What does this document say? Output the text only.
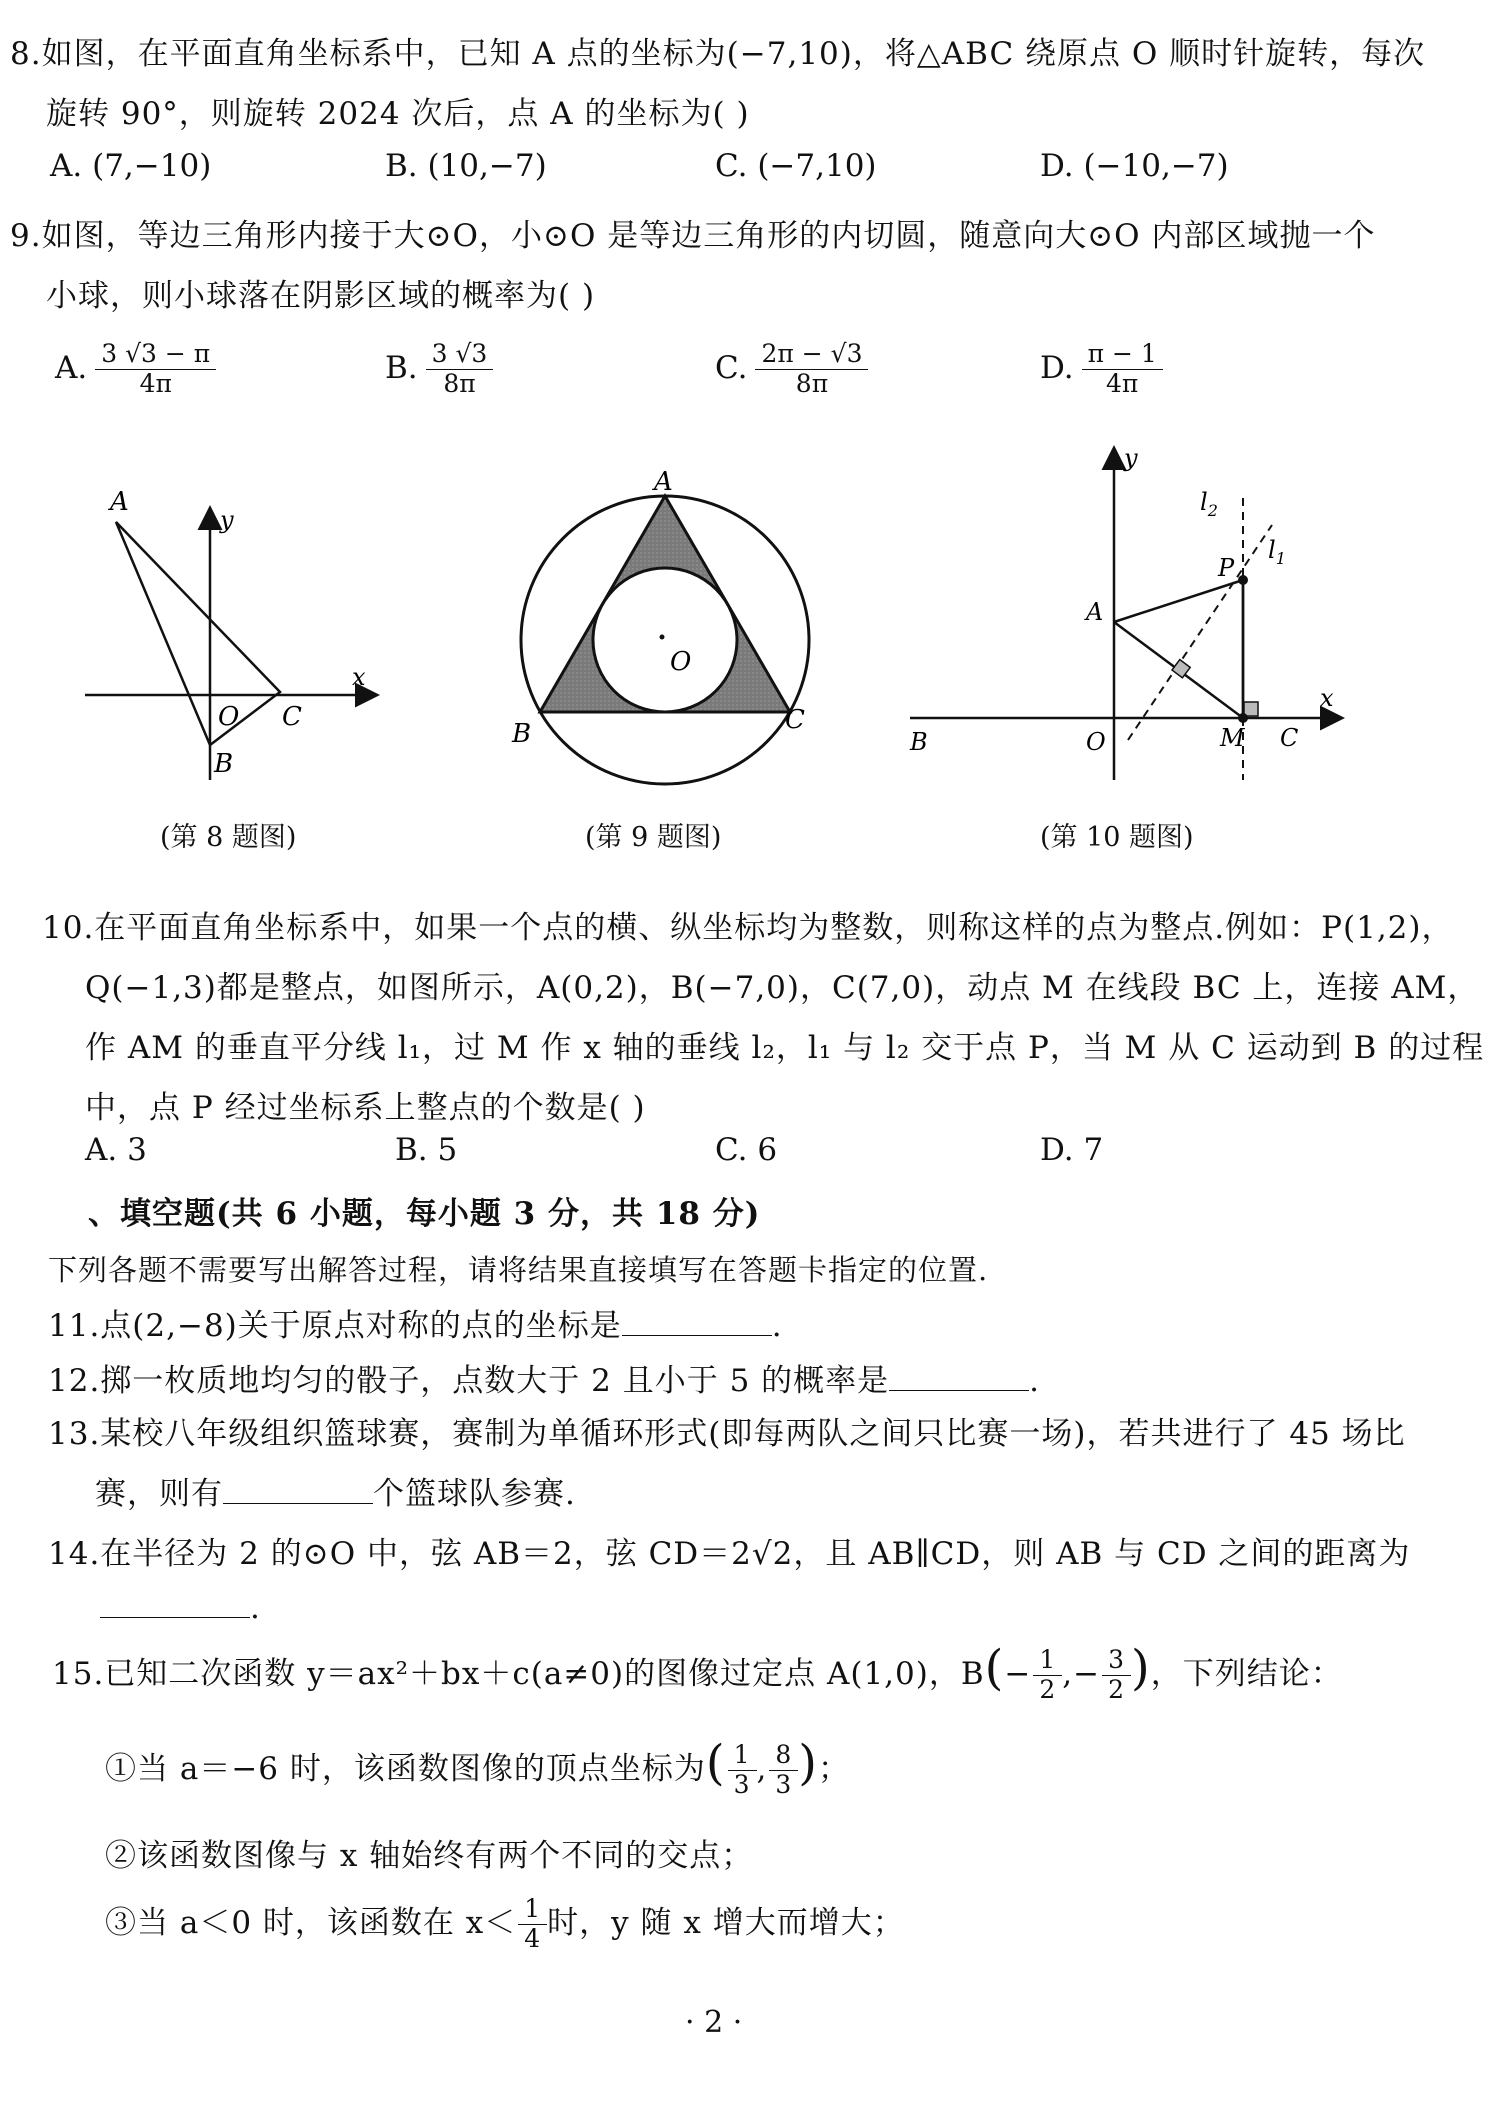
8.如图，在平面直角坐标系中，已知 A 点的坐标为(−7,10)，将△ABC 绕原点 O 顺时针旋转，每次
旋转 90°，则旋转 2024 次后，点 A 的坐标为( )
A. (7,−10)	B. (10,−7)	C. (−7,10)	D. (−10,−7)
9.如图，等边三角形内接于大⊙O，小⊙O 是等边三角形的内切圆，随意向大⊙O 内部区域抛一个
小球，则小球落在阴影区域的概率为( )
A. $\frac{3 √3 - \pi}{4\pi}$	B. $\frac{3 √3}{8\pi}$	C. $\frac{2\pi - √3}{8\pi}$	D. $\frac{\pi - 1}{4\pi}$
A
y
x
O C
B
O
A
B	C
y
$l_2$
$l_1$
P
A
x
B	O	M C
(第 8 题图)	(第 9 题图)	(第 10 题图)
10.在平面直角坐标系中，如果一个点的横、纵坐标均为整数，则称这样的点为整点.例如：P(1,2)，
Q(−1,3)都是整点，如图所示，A(0,2)，B(−7,0)，C(7,0)，动点 M 在线段 BC 上，连接 AM，
作 AM 的垂直平分线 l₁，过 M 作 x 轴的垂线 l₂，l₁ 与 l₂ 交于点 P，当 M 从 C 运动到 B 的过程
中，点 P 经过坐标系上整点的个数是( )
A. 3	B. 5	C. 6	D. 7
、填空题(共 6 小题，每小题 3 分，共 18 分)
下列各题不需要写出解答过程，请将结果直接填写在答题卡指定的位置.
11.点(2,−8)关于原点对称的点的坐标是	.
12.掷一枚质地均匀的骰子，点数大于 2 且小于 5 的概率是	.
13.某校八年级组织篮球赛，赛制为单循环形式(即每两队之间只比赛一场)，若共进行了 45 场比
赛，则有	个篮球队参赛.
14.在半径为 2 的⊙O 中，弦 AB＝2，弦 CD＝2√2，且 AB∥CD，则 AB 与 CD 之间的距离为
.
15.已知二次函数 y＝ax²＋bx＋c(a≠0)的图像过定点 A(1,0)，$B(- \frac{1}{2}$ ,− $\frac{3}{2}$ )，下列结论：
①当 a＝−6 时，该函数图像的顶点坐标为( $\frac{1}{3}$ , $\frac{8}{3}$ )；
②该函数图像与 x 轴始终有两个不同的交点；
③当 a＜0 时，该函数在 $x< \frac{1}{4}$ 时，y 随 x 增大而增大；
· 2 ·
